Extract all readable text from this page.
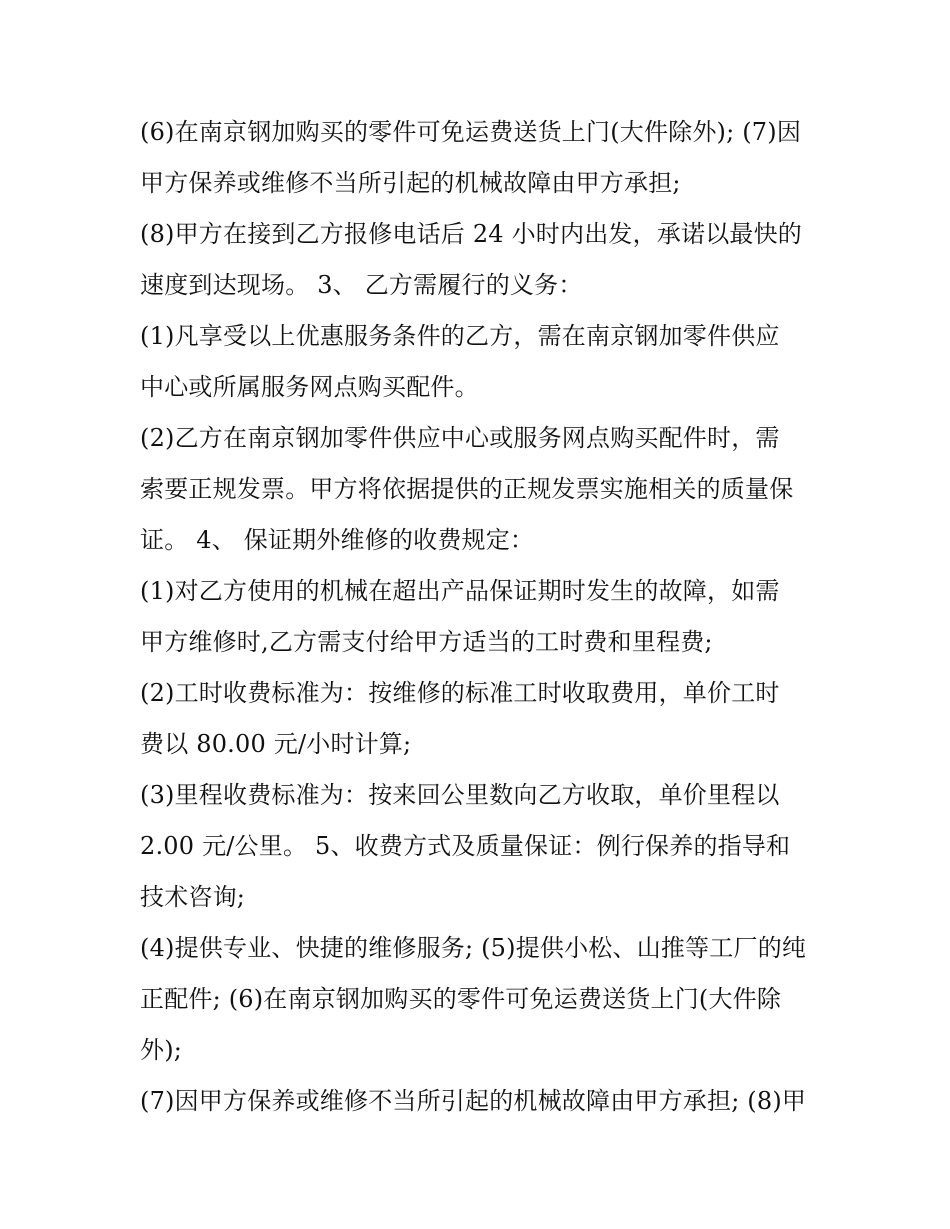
(6)在南京钢加购买的零件可免运费送货上门(大件除外); (7)因
甲方保养或维修不当所引起的机械故障由甲方承担;
(8)甲方在接到乙方报修电话后 24 小时内出发，承诺以最快的
速度到达现场。 3、 乙方需履行的义务：
(1)凡享受以上优惠服务条件的乙方，需在南京钢加零件供应
中心或所属服务网点购买配件。
(2)乙方在南京钢加零件供应中心或服务网点购买配件时，需
索要正规发票。甲方将依据提供的正规发票实施相关的质量保
证。 4、 保证期外维修的收费规定：
(1)对乙方使用的机械在超出产品保证期时发生的故障，如需
甲方维修时,乙方需支付给甲方适当的工时费和里程费;
(2)工时收费标准为：按维修的标准工时收取费用，单价工时
费以 80.00 元/小时计算;
(3)里程收费标准为：按来回公里数向乙方收取，单价里程以
2.00 元/公里。 5、收费方式及质量保证：例行保养的指导和
技术咨询;
(4)提供专业、快捷的维修服务; (5)提供小松、山推等工厂的纯
正配件; (6)在南京钢加购买的零件可免运费送货上门(大件除
外);
(7)因甲方保养或维修不当所引起的机械故障由甲方承担; (8)甲
